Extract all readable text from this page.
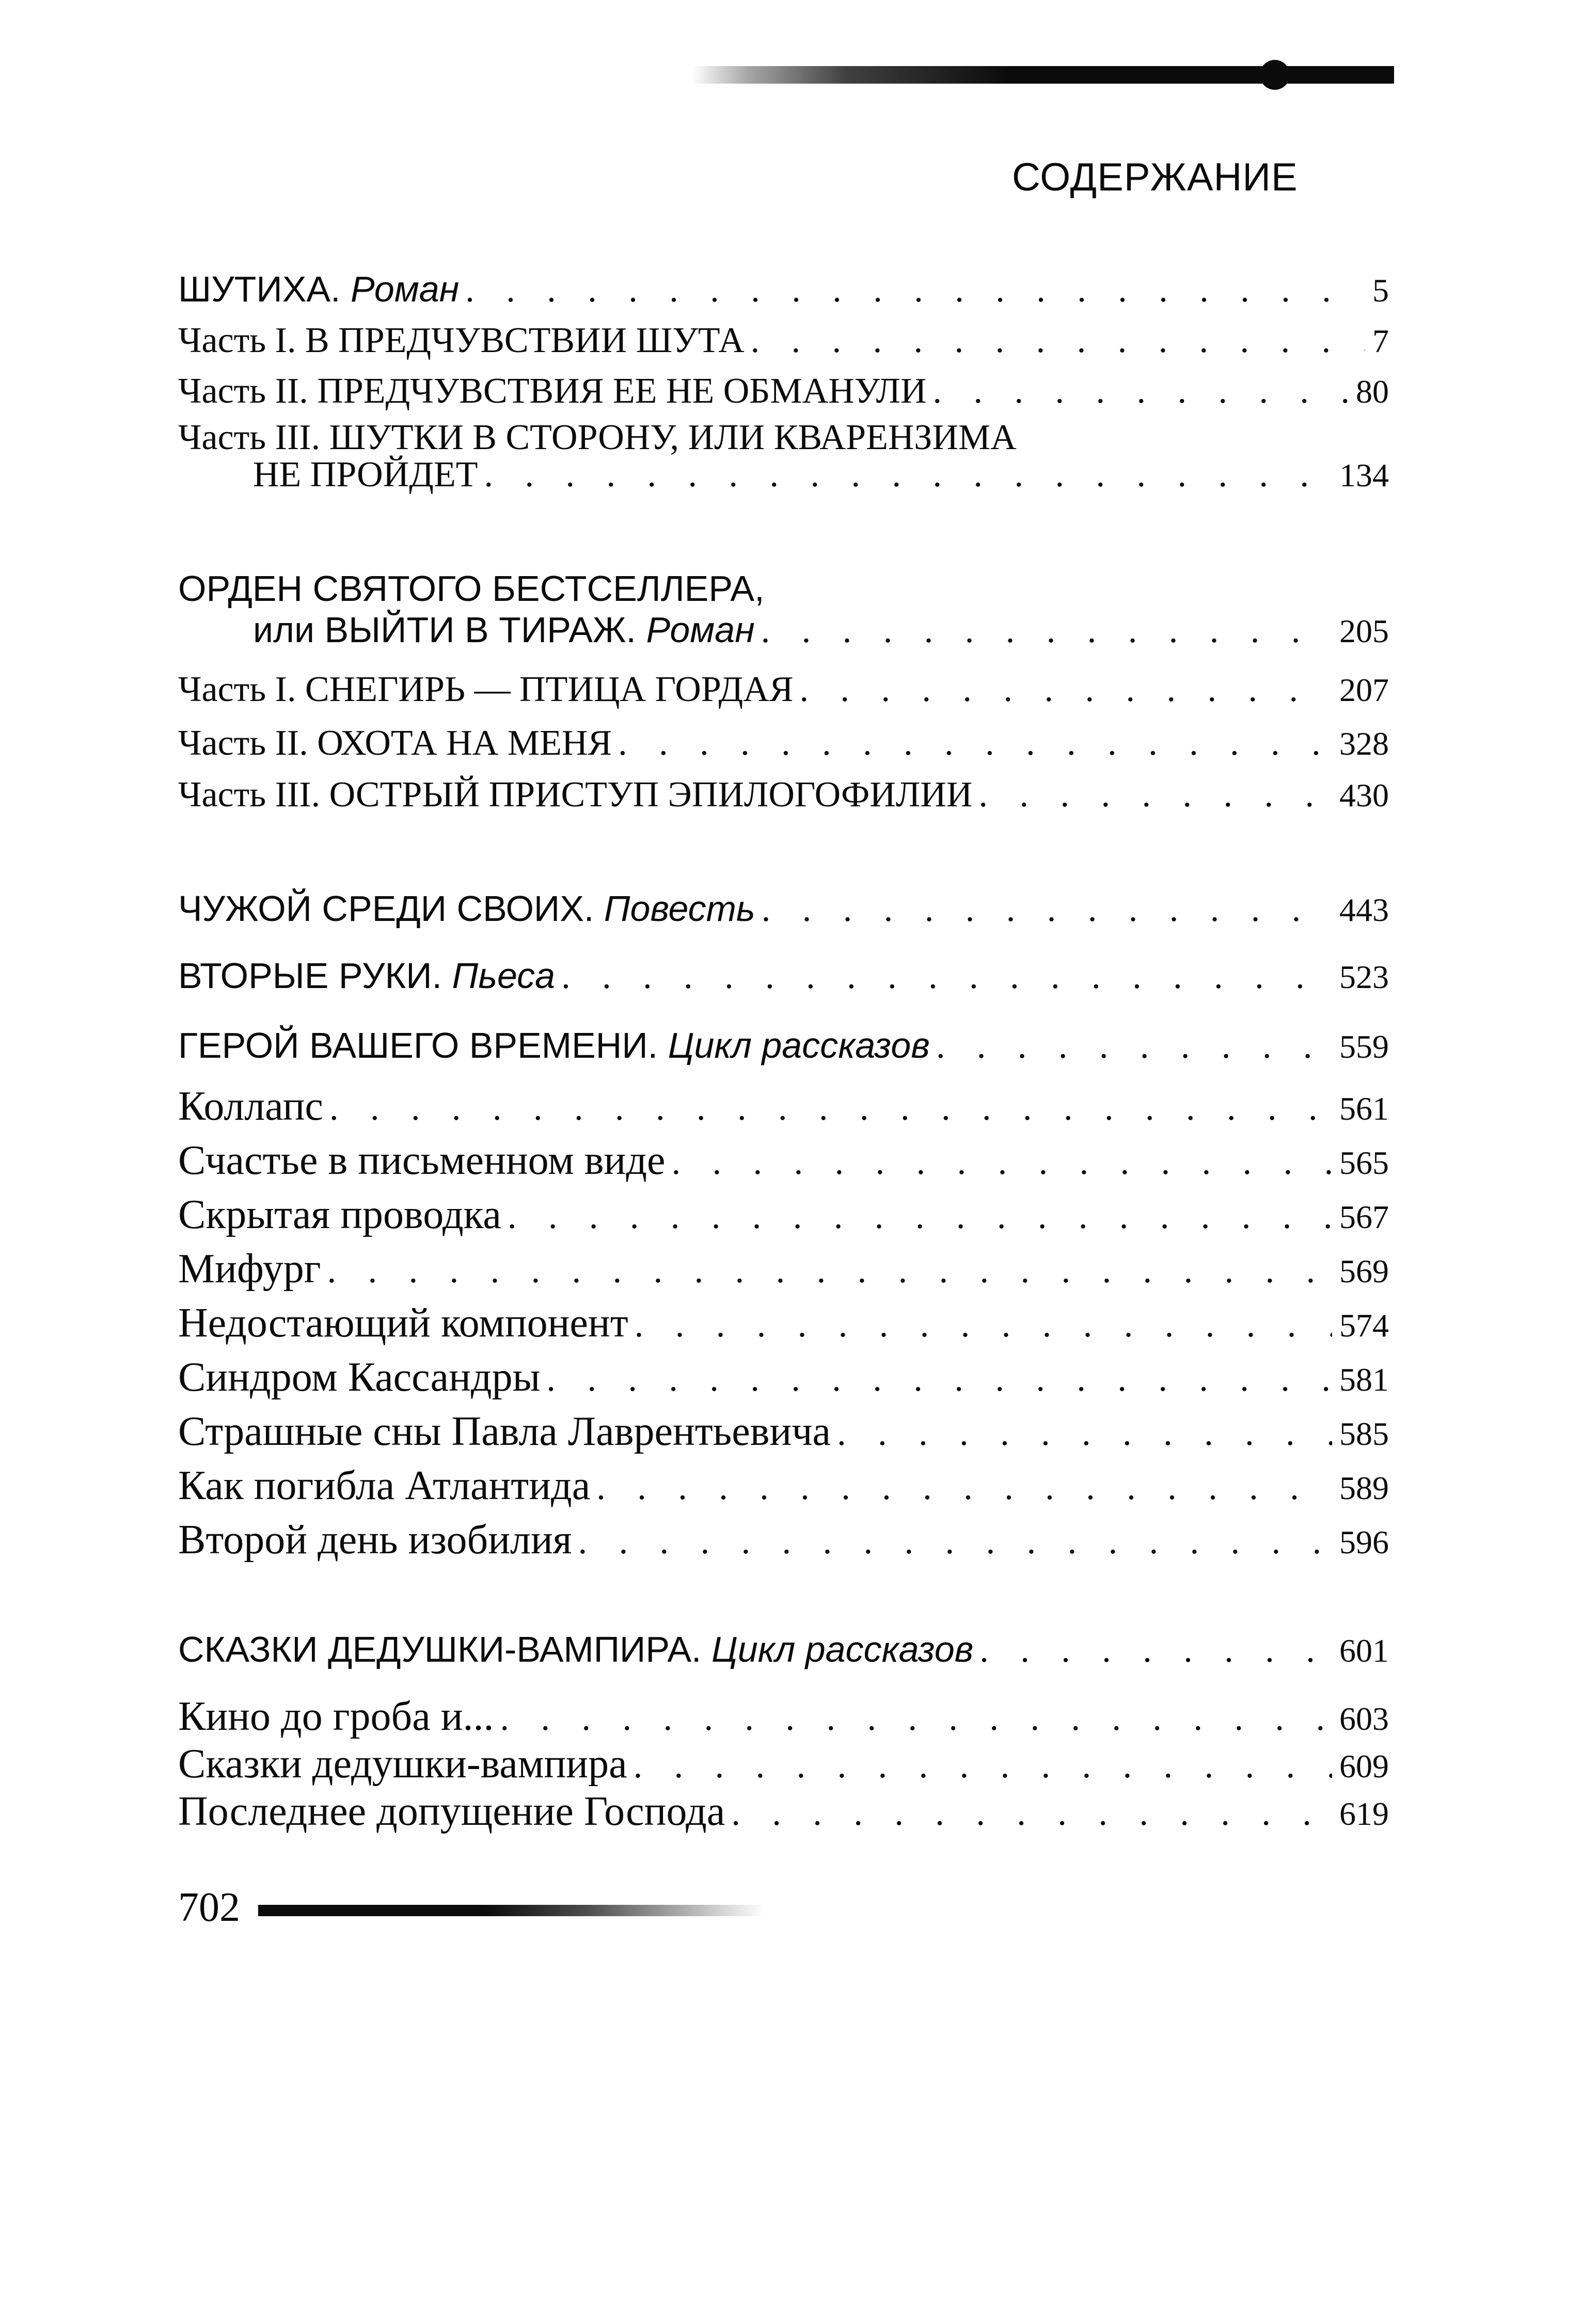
СОДЕРЖАНИЕ
ШУТИХА. Роман . . .	5
Часть I. В ПРЕДЧУВСТВИИ ШУТА . . .	7
Часть II. ПРЕДЧУВСТВИЯ ЕЕ НЕ ОБМАНУЛИ . . .	80
Часть III. ШУТКИ В СТОРОНУ, ИЛИ КВАРЕНЗИМА
НЕ ПРОЙДЕТ . . .	134
ОРДЕН СВЯТОГО БЕСТСЕЛЛЕРА,
или ВЫЙТИ В ТИРАЖ. Роман . . .	205
Часть I. СНЕГИРЬ — ПТИЦА ГОРДАЯ . . .	207
Часть II. ОХОТА НА МЕНЯ . . .	328
Часть III. ОСТРЫЙ ПРИСТУП ЭПИЛОГОФИЛИИ . . .	430
ЧУЖОЙ СРЕДИ СВОИХ. Повесть . . .	443
ВТОРЫЕ РУКИ. Пьеса . . .	523
ГЕРОЙ ВАШЕГО ВРЕМЕНИ. Цикл рассказов . . .	559
Коллапс . . .	561
Счастье в письменном виде . . .	565
Скрытая проводка . . .	567
Мифург . . .	569
Недостающий компонент . . .	574
Синдром Кассандры . . .	581
Страшные сны Павла Лаврентьевича . . .	585
Как погибла Атлантида . . .	589
Второй день изобилия . . .	596
СКАЗКИ ДЕДУШКИ-ВАМПИРА. Цикл рассказов . . .	601
Кино до гроба и... . . .	603
Сказки дедушки-вампира . . .	609
Последнее допущение Господа . . .	619
702
